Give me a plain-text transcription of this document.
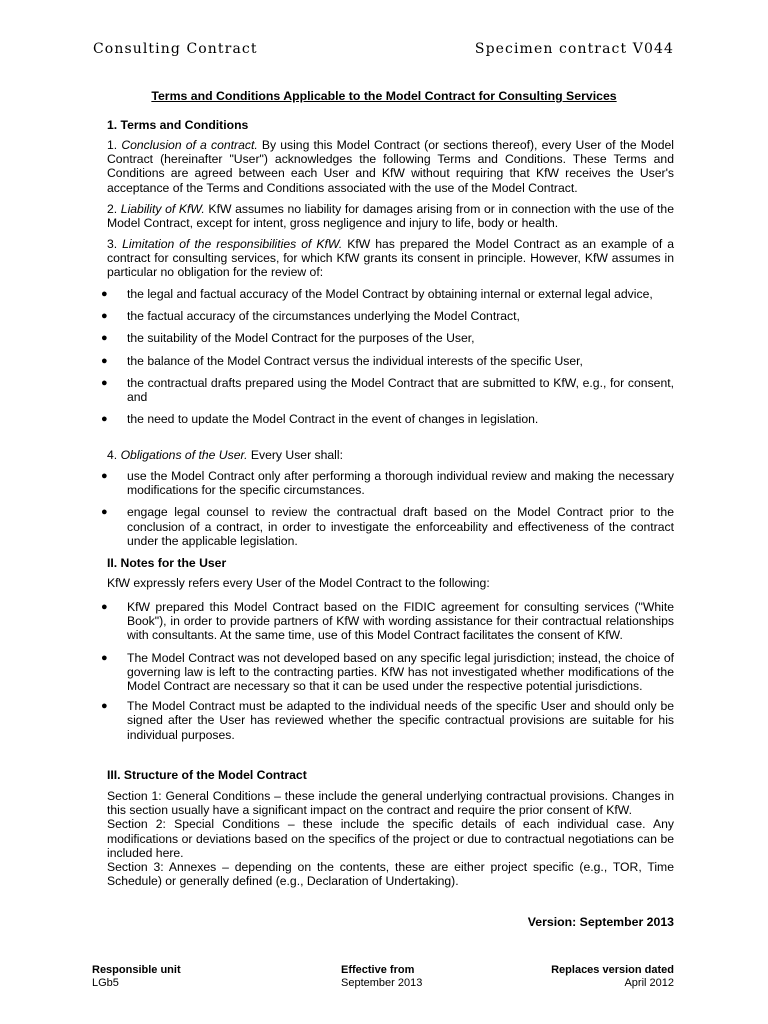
Consulting Contract	Specimen contract V044
Terms and Conditions Applicable to the Model Contract for Consulting Services
1. Terms and Conditions
1. Conclusion of a contract. By using this Model Contract (or sections thereof), every User of the Model Contract (hereinafter "User") acknowledges the following Terms and Conditions. These Terms and Conditions are agreed between each User and KfW without requiring that KfW receives the User's acceptance of the Terms and Conditions associated with the use of the Model Contract.
2. Liability of KfW. KfW assumes no liability for damages arising from or in connection with the use of the Model Contract, except for intent, gross negligence and injury to life, body or health.
3. Limitation of the responsibilities of KfW. KfW has prepared the Model Contract as an example of a contract for consulting services, for which KfW grants its consent in principle. However, KfW assumes in particular no obligation for the review of:
● the legal and factual accuracy of the Model Contract by obtaining internal or external legal advice,
● the factual accuracy of the circumstances underlying the Model Contract,
● the suitability of the Model Contract for the purposes of the User,
● the balance of the Model Contract versus the individual interests of the specific User,
● the contractual drafts prepared using the Model Contract that are submitted to KfW, e.g., for consent, and
● the need to update the Model Contract in the event of changes in legislation.
4. Obligations of the User. Every User shall:
● use the Model Contract only after performing a thorough individual review and making the necessary modifications for the specific circumstances.
● engage legal counsel to review the contractual draft based on the Model Contract prior to the conclusion of a contract, in order to investigate the enforceability and effectiveness of the contract under the applicable legislation.
II. Notes for the User
KfW expressly refers every User of the Model Contract to the following:
● KfW prepared this Model Contract based on the FIDIC agreement for consulting services ("White Book"), in order to provide partners of KfW with wording assistance for their contractual relationships with consultants. At the same time, use of this Model Contract facilitates the consent of KfW.
● The Model Contract was not developed based on any specific legal jurisdiction; instead, the choice of governing law is left to the contracting parties. KfW has not investigated whether modifications of the Model Contract are necessary so that it can be used under the respective potential jurisdictions.
● The Model Contract must be adapted to the individual needs of the specific User and should only be signed after the User has reviewed whether the specific contractual provisions are suitable for his individual purposes.
III. Structure of the Model Contract
Section 1: General Conditions – these include the general underlying contractual provisions. Changes in this section usually have a significant impact on the contract and require the prior consent of KfW.
Section 2: Special Conditions – these include the specific details of each individual case. Any modifications or deviations based on the specifics of the project or due to contractual negotiations can be included here.
Section 3: Annexes – depending on the contents, these are either project specific (e.g., TOR, Time Schedule) or generally defined (e.g., Declaration of Undertaking).
Version: September 2013
Responsible unit
LGb5
Effective from
September 2013
Replaces version dated
April 2012
